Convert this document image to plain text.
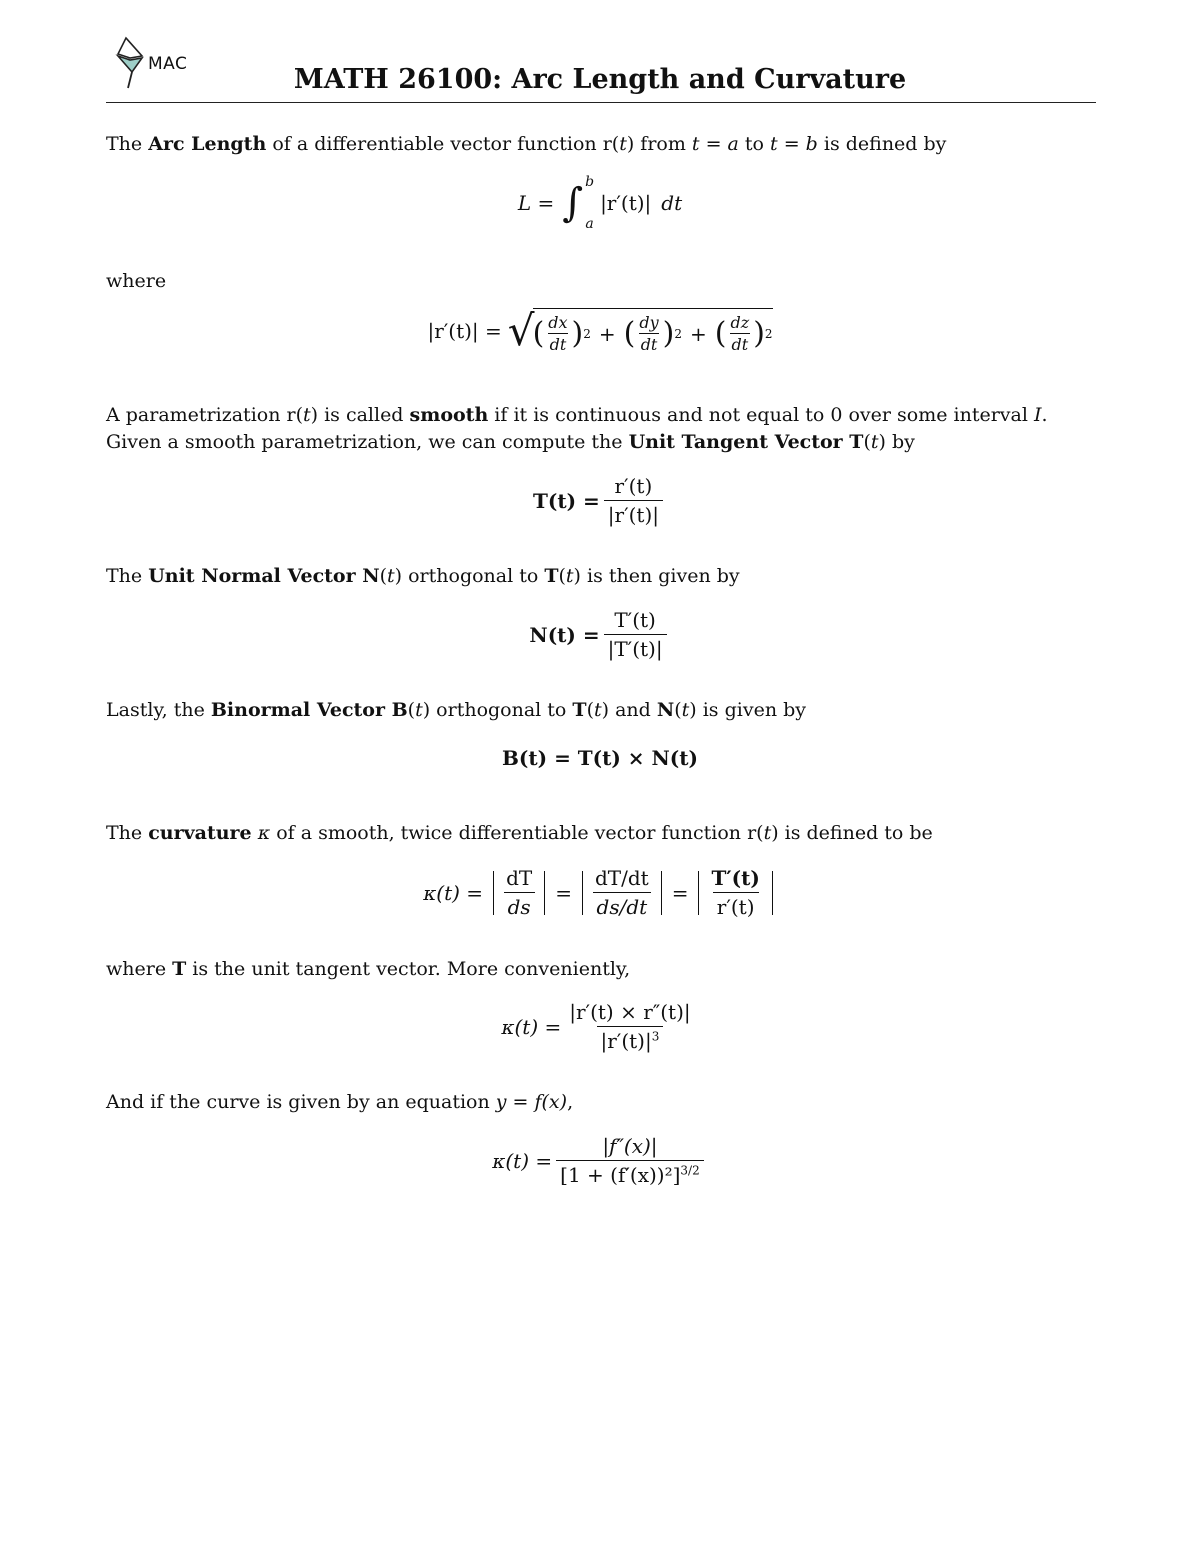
MAC	MATH 26100: Arc Length and Curvature
The Arc Length of a differentiable vector function r(t) from t = a to t = b is defined by
L = ∫ b
a
|r′(t)| dt
where
|r′(t)| = √
( dx
dt ) 2 + ( dy
dt ) 2 + ( dz
dt ) 2
A parametrization r(t) is called smooth if it is continuous and not equal to 0 over some interval I.
Given a smooth parametrization, we can compute the Unit Tangent Vector T(t) by
$T(t) = \frac{r'(t)}{|r'(t)|}$
The Unit Normal Vector N(t) orthogonal to T(t) is then given by
$N(t) = \frac{T'(t)}{|T'(t)|}$
Lastly, the Binormal Vector B(t) orthogonal to T(t) and N(t) is given by
B(t) = T(t) × N(t)
The curvature κ of a smooth, twice differentiable vector function r(t) is defined to be
$\kappa(t) = \frac{dT}{ds} = \frac{dT/dt}{ds/dt} = \frac{T'(t)}{r'(t)}$
where T is the unit tangent vector. More conveniently,
$\kappa(t) = \frac{|r'(t) \times r''(t)|}{|r'(t)|^3}$
And if the curve is given by an equation y = f(x),
$\kappa(t) = \frac{|f''(x)|}{[1 + (f'(x))^2]^{3/2}}$
